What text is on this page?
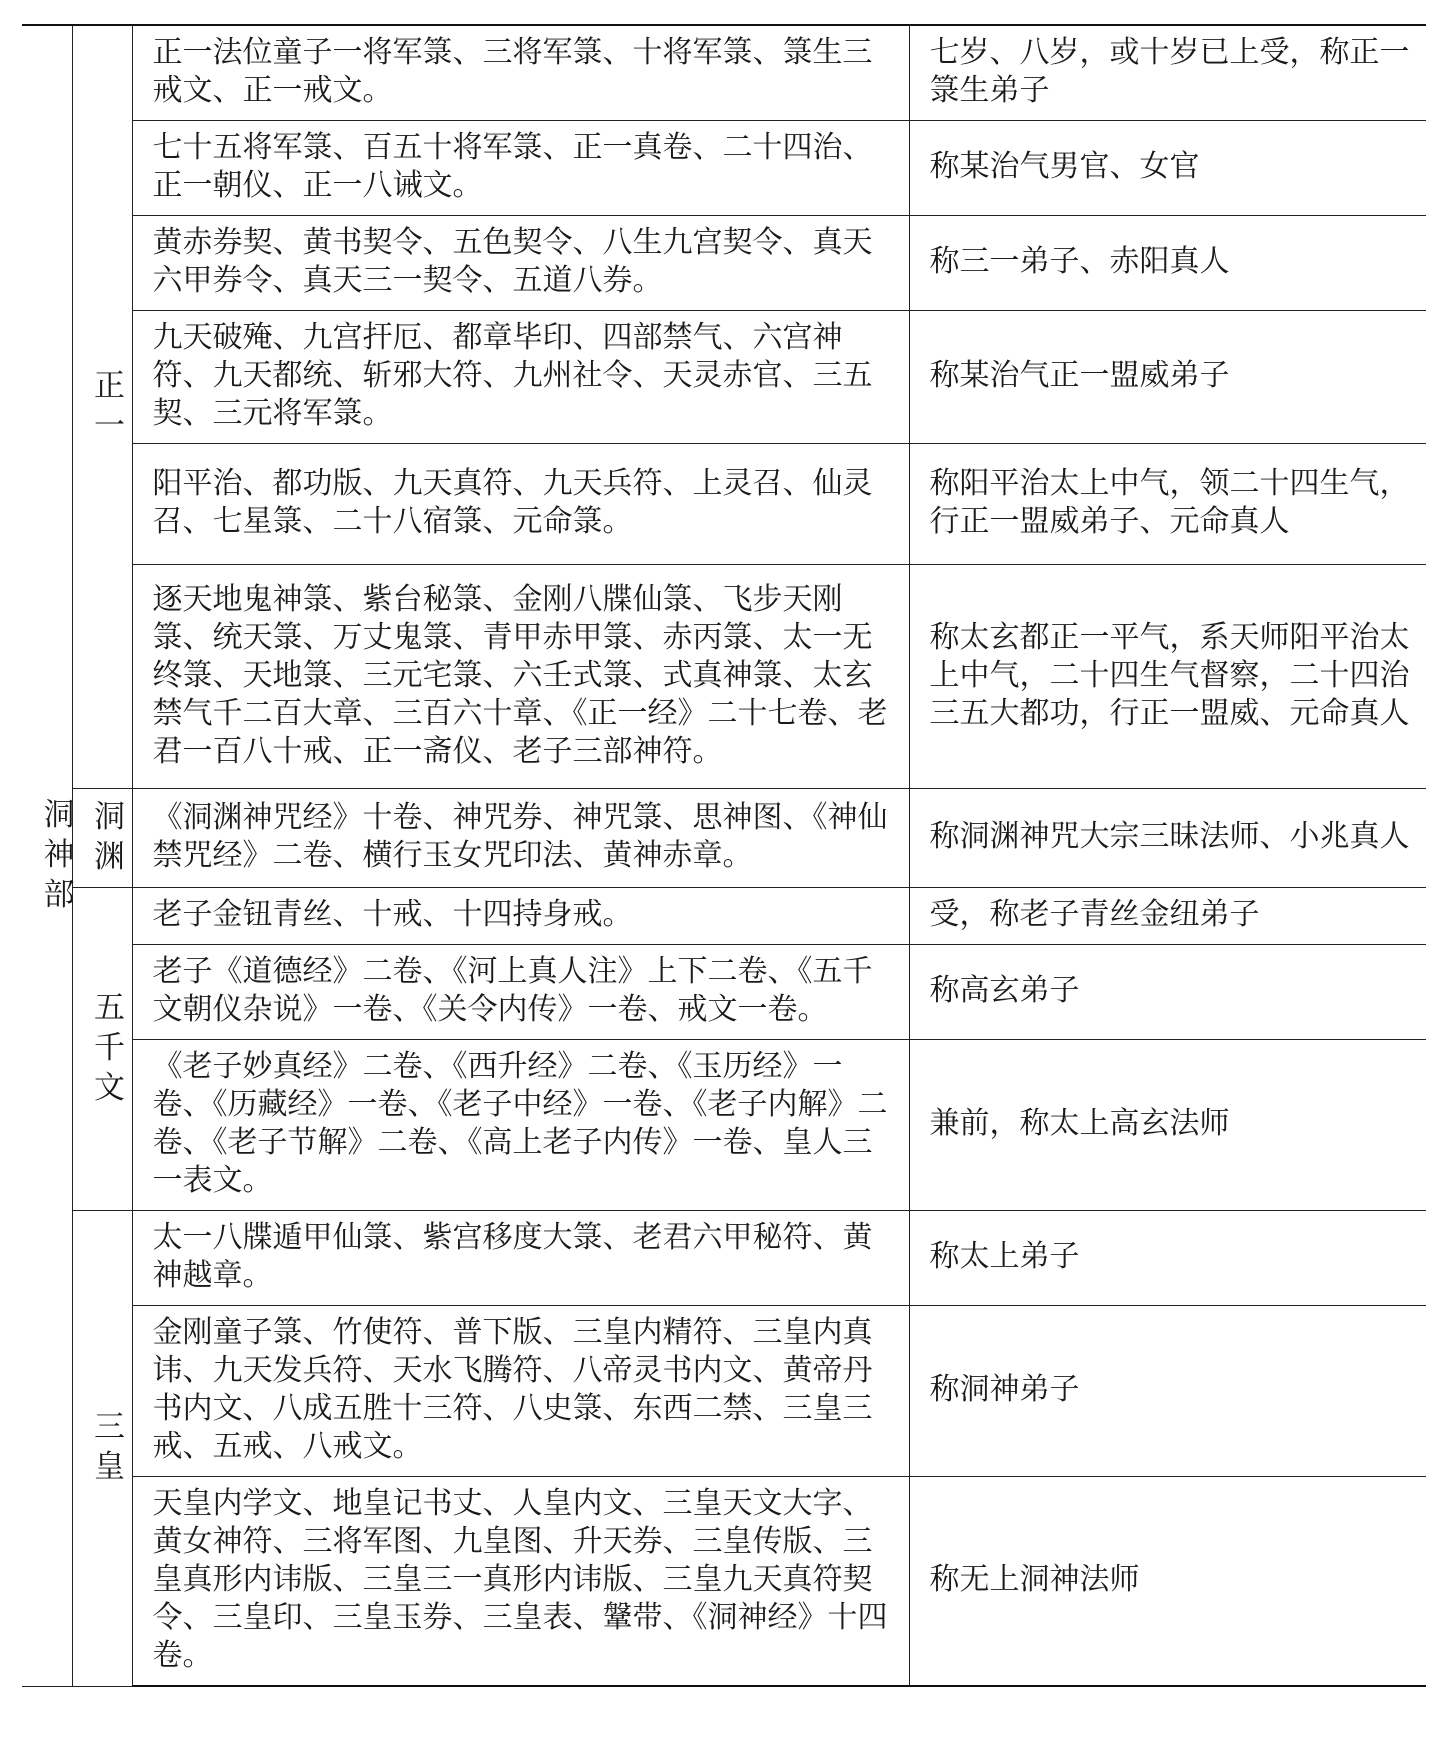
洞神部	正一	正一法位童子一将军箓、三将军箓、十将军箓、箓生三戒文、正一戒文。	七岁、八岁，或十岁已上受，称正一箓生弟子
		七十五将军箓、百五十将军箓、正一真卷、二十四治、正一朝仪、正一八诫文。	称某治气男官、女官
		黄赤券契、黄书契令、五色契令、八生九宫契令、真天六甲券令、真天三一契令、五道八券。	称三一弟子、赤阳真人
		九天破殗、九宫扞厄、都章毕印、四部禁气、六宫神符、九天都统、斩邪大符、九州社令、天灵赤官、三五契、三元将军箓。	称某治气正一盟威弟子
		阳平治、都功版、九天真符、九天兵符、上灵召、仙灵召、七星箓、二十八宿箓、元命箓。	称阳平治太上中气，领二十四生气，行正一盟威弟子、元命真人
		逐天地鬼神箓、紫台秘箓、金刚八牒仙箓、飞步天刚箓、统天箓、万丈鬼箓、青甲赤甲箓、赤丙箓、太一无终箓、天地箓、三元宅箓、六壬式箓、式真神箓、太玄禁气千二百大章、三百六十章、《正一经》二十七卷、老君一百八十戒、正一斋仪、老子三部神符。	称太玄都正一平气，系天师阳平治太上中气，二十四生气督察，二十四治三五大都功，行正一盟威、元命真人
	洞渊	《洞渊神咒经》十卷、神咒券、神咒箓、思神图、《神仙禁咒经》二卷、横行玉女咒印法、黄神赤章。	称洞渊神咒大宗三昧法师、小兆真人
	五千文	老子金钮青丝、十戒、十四持身戒。	受，称老子青丝金纽弟子
		老子《道德经》二卷、《河上真人注》上下二卷、《五千文朝仪杂说》一卷、《关令内传》一卷、戒文一卷。	称高玄弟子
		《老子妙真经》二卷、《西升经》二卷、《玉历经》一卷、《历藏经》一卷、《老子中经》一卷、《老子内解》二卷、《老子节解》二卷、《高上老子内传》一卷、皇人三一表文。	兼前，称太上高玄法师
	三皇	太一八牒遁甲仙箓、紫宫移度大箓、老君六甲秘符、黄神越章。	称太上弟子
		金刚童子箓、竹使符、普下版、三皇内精符、三皇内真讳、九天发兵符、天水飞腾符、八帝灵书内文、黄帝丹书内文、八成五胜十三符、八史箓、东西二禁、三皇三戒、五戒、八戒文。	称洞神弟子
		天皇内学文、地皇记书丈、人皇内文、三皇天文大字、黄女神符、三将军图、九皇图、升天券、三皇传版、三皇真形内讳版、三皇三一真形内讳版、三皇九天真符契令、三皇印、三皇玉券、三皇表、鞶带、《洞神经》十四卷。	称无上洞神法师
